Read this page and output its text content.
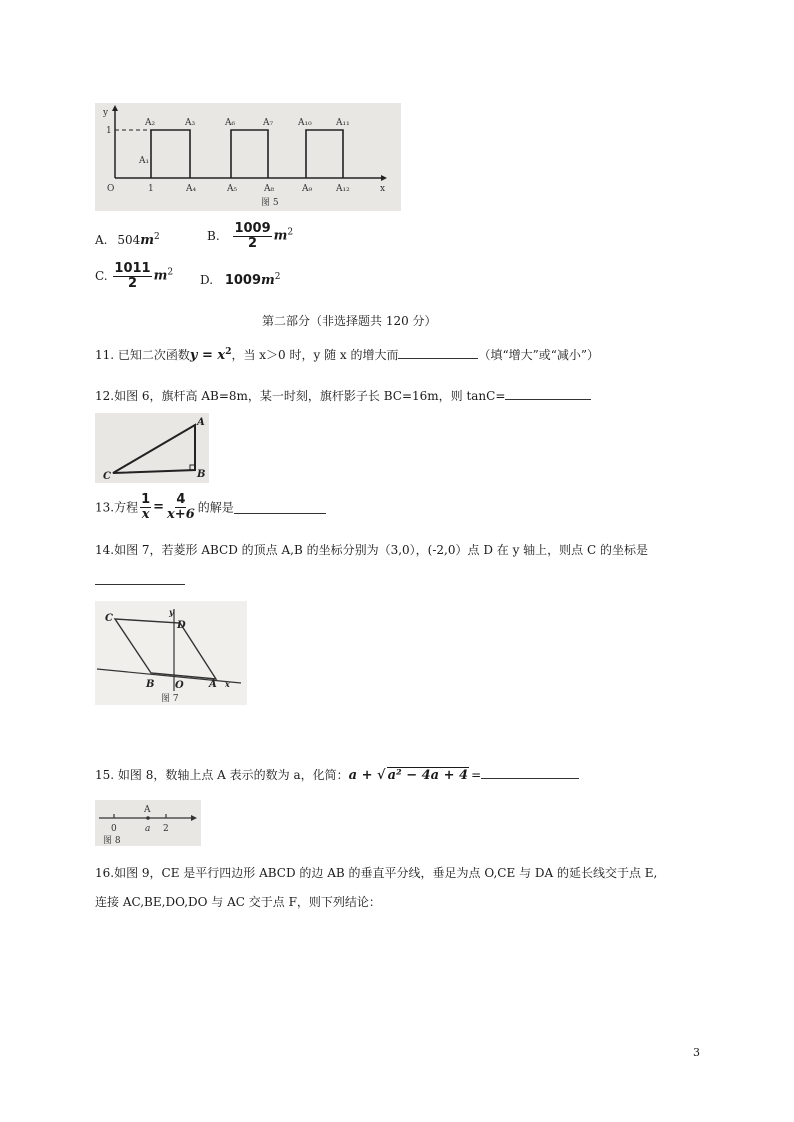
y
1
O	x
1
A₁
A₂	A₃	A₆	A₇	A₁₀	A₁₁
A₄	A₅	A₈	A₉	A₁₂
图 5
A. $504m^2$	B. $\frac{1009}{2} m^2$
C. $\frac{1011}{2} m^2$
D. $1009m^2$
第二部分（非选择题共 120 分）
11. 已知二次函数$y = x^2$，当 x＞0 时，y 随 x 的增大而	（填“增大”或“减小”）
12.如图 6，旗杆高 AB=8m，某一时刻，旗杆影子长 BC=16m，则 tanC=
A
B
C
13.方程 $\frac{1}{x} = \frac{4}{x+6}$ 的解是
14.如图 7，若菱形 ABCD 的顶点 A,B 的坐标分别为（3,0），(-2,0）点 D 在 y 轴上，则点 C 的坐标是
C
D
y
B O	A x
图 7
15. 如图 8，数轴上点 A 表示的数为 a，化简：a + √ a² − 4a + 4 =
A
0	a 2
图 8
16.如图 9，CE 是平行四边形 ABCD 的边 AB 的垂直平分线，垂足为点 O,CE 与 DA 的延长线交于点 E,
连接 AC,BE,DO,DO 与 AC 交于点 F，则下列结论：
3
